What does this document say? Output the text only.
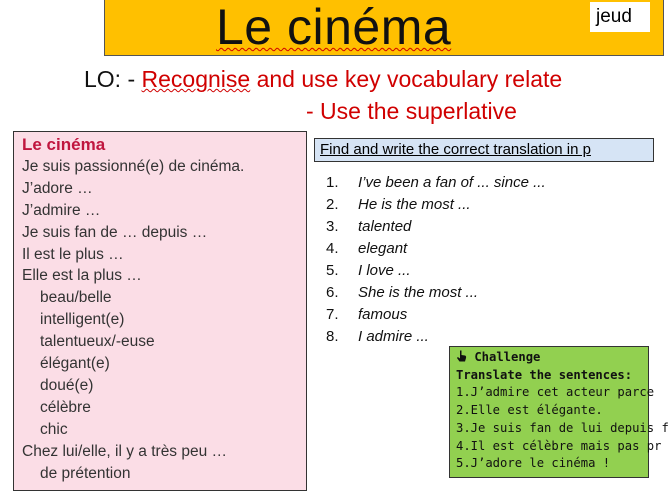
Le cinéma	jeud
LO: - Recognise and use key vocabulary relate
- Use the superlative
Le cinéma
Je suis passionné(e) de cinéma.
J’adore …
J’admire …
Je suis fan de … depuis …
Il est le plus …
Elle est la plus …
beau/belle
intelligent(e)
talentueux/-euse
élégant(e)
doué(e)
célèbre
chic
Chez lui/elle, il y a très peu …
de prétention
Find and write the correct translation in p
1.	I’ve been a fan of ... since ...
2.	He is the most ...
3.	talented
4.	elegant
5.	I love ...
6.	She is the most ...
7.	famous
8.	I admire ...
Challenge
Translate the sentences:
1.J’admire cet acteur parce
2.Elle est élégante.
3.Je suis fan de lui depuis f
4.Il est célèbre mais pas pr
5.J’adore le cinéma !
